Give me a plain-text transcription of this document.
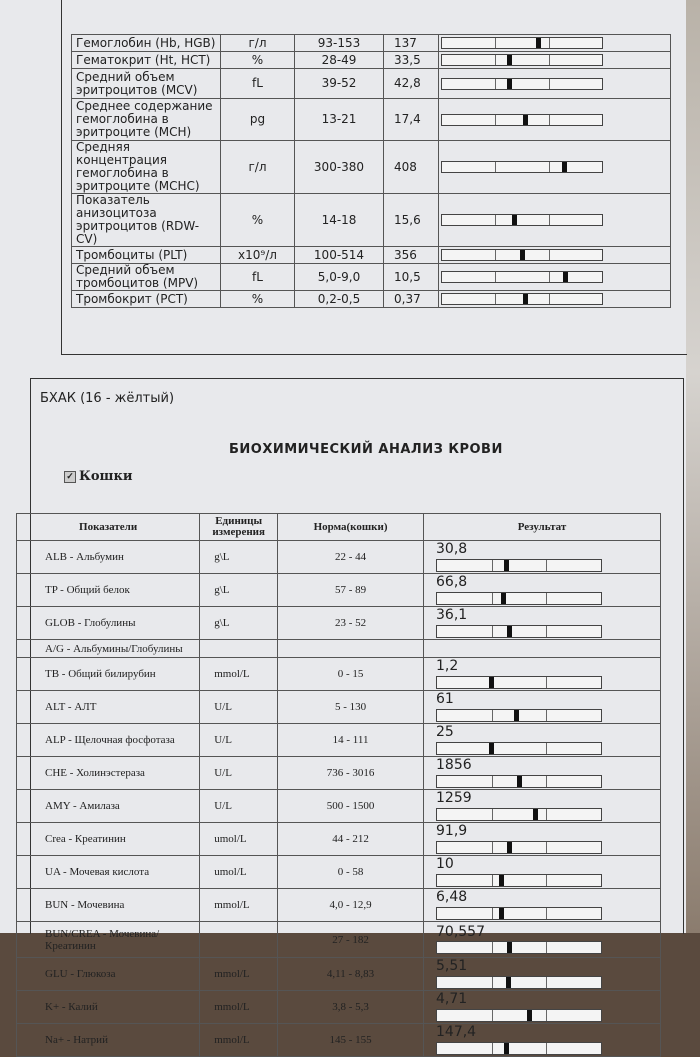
Гемоглобин (Hb, HGB)	г/л	93-153	137	

Гематокрит (Ht, HCT)	%	28-49	33,5	

Средний объем эритроцитов (MCV)	fL	39-52	42,8	

Среднее содержание гемоглобина в эритроците (MCH)	pg	13-21	17,4	

Средняя концентрация гемоглобина в эритроците (MCHC)	г/л	300-380	408	

Показатель анизоцитоза эритроцитов (RDW-CV)	%	14-18	15,6	

Тромбоциты (PLT)	x10⁹/л	100-514	356	

Средний объем тромбоцитов (MPV)	fL	5,0-9,0	10,5	

Тромбокрит (PCT)	%	0,2-0,5	0,37	
БХАК (16 - жёлтый)
БИОХИМИЧЕСКИЙ АНАЛИЗ КРОВИ
✓ Кошки
Показатели	Единицы измерения	Норма(кошки)	Результат
ALB - Альбумин	g\L	22 - 44	30,8

TP - Общий белок	g\L	57 - 89	66,8

GLOB - Глобулины	g\L	23 - 52	36,1

A/G - Альбумины/Глобулины			
TB - Общий билирубин	mmol/L	0 - 15	1,2

ALT - АЛТ	U/L	5 - 130	61

ALP - Щелочная фосфотаза	U/L	14 - 111	25

CHE - Холинэстераза	U/L	736 - 3016	1856

AMY - Амилаза	U/L	500 - 1500	1259

Crea - Креатинин	umol/L	44 - 212	91,9

UA - Мочевая кислота	umol/L	0 - 58	10

BUN - Мочевина	mmol/L	4,0 - 12,9	6,48

BUN/CREA - Мочевина/ Креатинин		27 - 182	70,557

GLU - Глюкоза	mmol/L	4,11 - 8,83	5,51

K+ - Калий	mmol/L	3,8 - 5,3	4,71

Na+ - Натрий	mmol/L	145 - 155	147,4
